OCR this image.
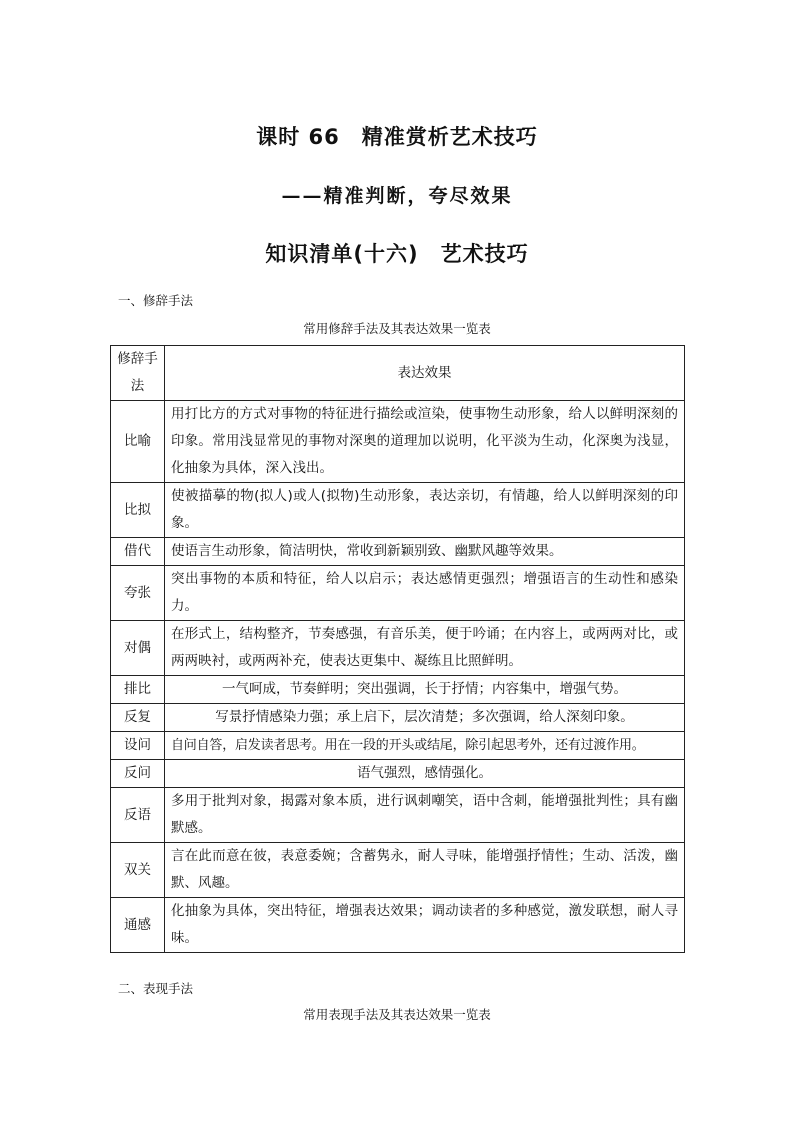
课时 66　精准赏析艺术技巧
——精准判断，夸尽效果
知识清单(十六)　艺术技巧
一、修辞手法
常用修辞手法及其表达效果一览表
修辞手法	表达效果
比喻	用打比方的方式对事物的特征进行描绘或渲染，使事物生动形象，给人以鲜明深刻的印象。常用浅显常见的事物对深奥的道理加以说明，化平淡为生动，化深奥为浅显，化抽象为具体，深入浅出。
比拟	使被描摹的物(拟人)或人(拟物)生动形象，表达亲切，有情趣，给人以鲜明深刻的印象。
借代	使语言生动形象，简洁明快，常收到新颖别致、幽默风趣等效果。
夸张	突出事物的本质和特征，给人以启示；表达感情更强烈；增强语言的生动性和感染力。
对偶	在形式上，结构整齐，节奏感强，有音乐美，便于吟诵；在内容上，或两两对比，或两两映衬，或两两补充，使表达更集中、凝练且比照鲜明。
排比	一气呵成，节奏鲜明；突出强调，长于抒情；内容集中，增强气势。
反复	写景抒情感染力强；承上启下，层次清楚；多次强调，给人深刻印象。
设问	自问自答，启发读者思考。用在一段的开头或结尾，除引起思考外，还有过渡作用。
反问	语气强烈，感情强化。
反语	多用于批判对象，揭露对象本质，进行讽刺嘲笑，语中含刺，能增强批判性；具有幽默感。
双关	言在此而意在彼，表意委婉；含蓄隽永，耐人寻味，能增强抒情性；生动、活泼，幽默、风趣。
通感	化抽象为具体，突出特征，增强表达效果；调动读者的多种感觉，激发联想，耐人寻味。
二、表现手法
常用表现手法及其表达效果一览表
